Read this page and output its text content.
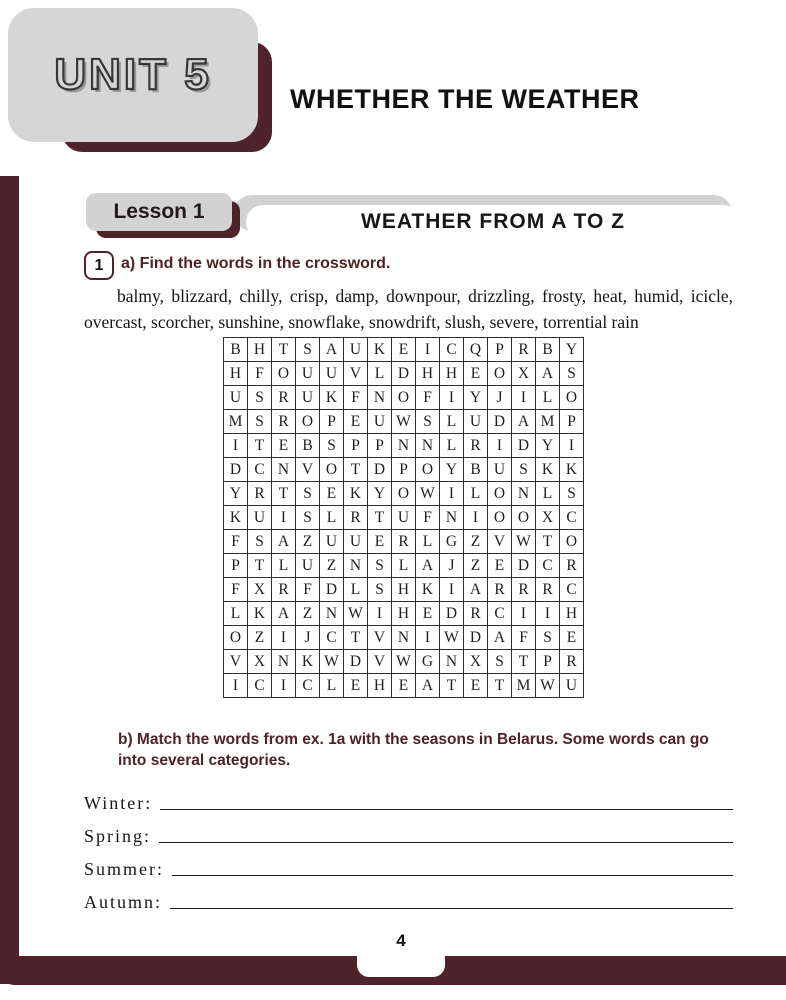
UNIT 5	WHETHER THE WEATHER
WEATHER FROM A TO Z
Lesson 1
1 a) Find the words in the crossword.
balmy, blizzard, chilly, crisp, damp, downpour, drizzling, frosty, heat, humid, icicle, overcast, scorcher, sunshine, snowflake, snowdrift, slush, severe, torrential rain
B	H	T	S	A	U	K	E	I	C	Q	P	R	B	Y
H	F	O	U	U	V	L	D	H	H	E	O	X	A	S
U	S	R	U	K	F	N	O	F	I	Y	J	I	L	O
M	S	R	O	P	E	U	W	S	L	U	D	A	M	P
I	T	E	B	S	P	P	N	N	L	R	I	D	Y	I
D	C	N	V	O	T	D	P	O	Y	B	U	S	K	K
Y	R	T	S	E	K	Y	O	W	I	L	O	N	L	S
K	U	I	S	L	R	T	U	F	N	I	O	O	X	C
F	S	A	Z	U	U	E	R	L	G	Z	V	W	T	O
P	T	L	U	Z	N	S	L	A	J	Z	E	D	C	R
F	X	R	F	D	L	S	H	K	I	A	R	R	R	C
L	K	A	Z	N	W	I	H	E	D	R	C	I	I	H
O	Z	I	J	C	T	V	N	I	W	D	A	F	S	E
V	X	N	K	W	D	V	W	G	N	X	S	T	P	R
I	C	I	C	L	E	H	E	A	T	E	T	M	W	U
b) Match the words from ex. 1a with the seasons in Belarus. Some words can go
into several categories.
Winter:
Spring:
Summer:
Autumn:
4
